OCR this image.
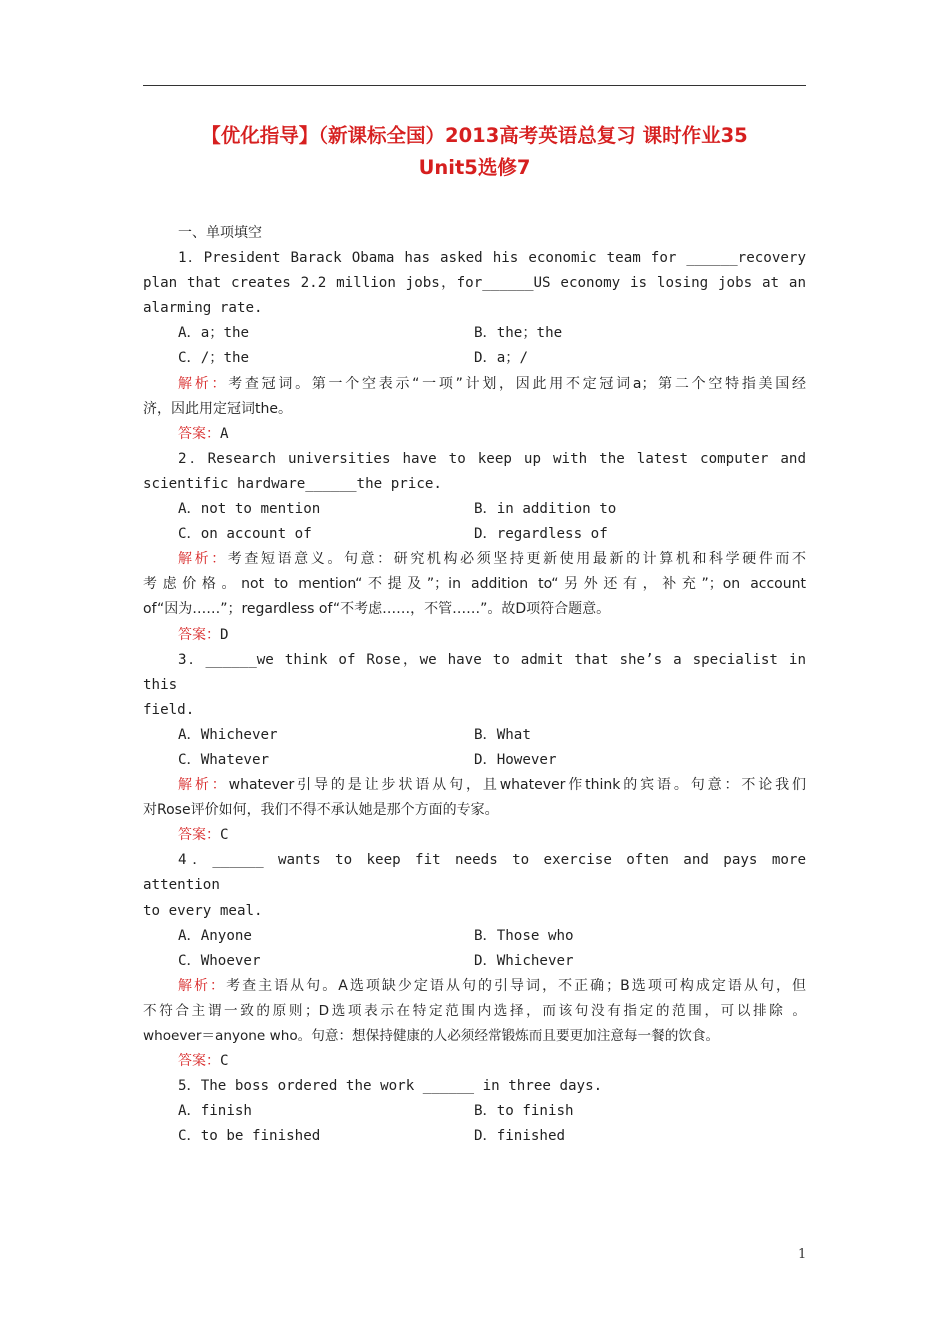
【优化指导】（新课标全国）2013高考英语总复习 课时作业35
Unit5选修7

一、单项填空

1．President Barack Obama has asked his economic team for ______recovery

plan that creates 2.2 million jobs，for______US economy is losing jobs at an

alarming rate.

A．a；the	B．the；the
C．/；the	D．a；/

解析：考查冠词。第一个空表示“一项”计划，因此用不定冠词a；第二个空特指美国经

济，因此用定冠词the。

答案：A

2．Research universities have to keep up with the latest computer and

scientific hardware______the price.

A．not to mention	B．in addition to
C．on account of	D．regardless of

解析：考查短语意义。句意：研究机构必须坚持更新使用最新的计算机和科学硬件而不

考虑价格。not to mention“不提及”；in addition to“另外还有，补充”；on account

of“因为……”；regardless of“不考虑……，不管……”。故D项符合题意。

答案：D

3．______we think of Rose，we have to admit that she’s a specialist in this

field.

A．Whichever	B．What
C．Whatever	D．However

解析：whatever引导的是让步状语从句，且whatever作think的宾语。句意：不论我们

对Rose评价如何，我们不得不承认她是那个方面的专家。

答案：C

4．______ wants to keep fit needs to exercise often and pays more attention

to every meal.

A．Anyone	B．Those who
C．Whoever	D．Whichever

解析：考查主语从句。A选项缺少定语从句的引导词，不正确；B选项可构成定语从句，但

不符合主谓一致的原则；D选项表示在特定范围内选择，而该句没有指定的范围，可以排除 。

whoever＝anyone who。句意：想保持健康的人必须经常锻炼而且要更加注意每一餐的饮食。

答案：C

5．The boss ordered the work ______ in three days.

A．finish	B．to finish
C．to be finished	D．finished
1
